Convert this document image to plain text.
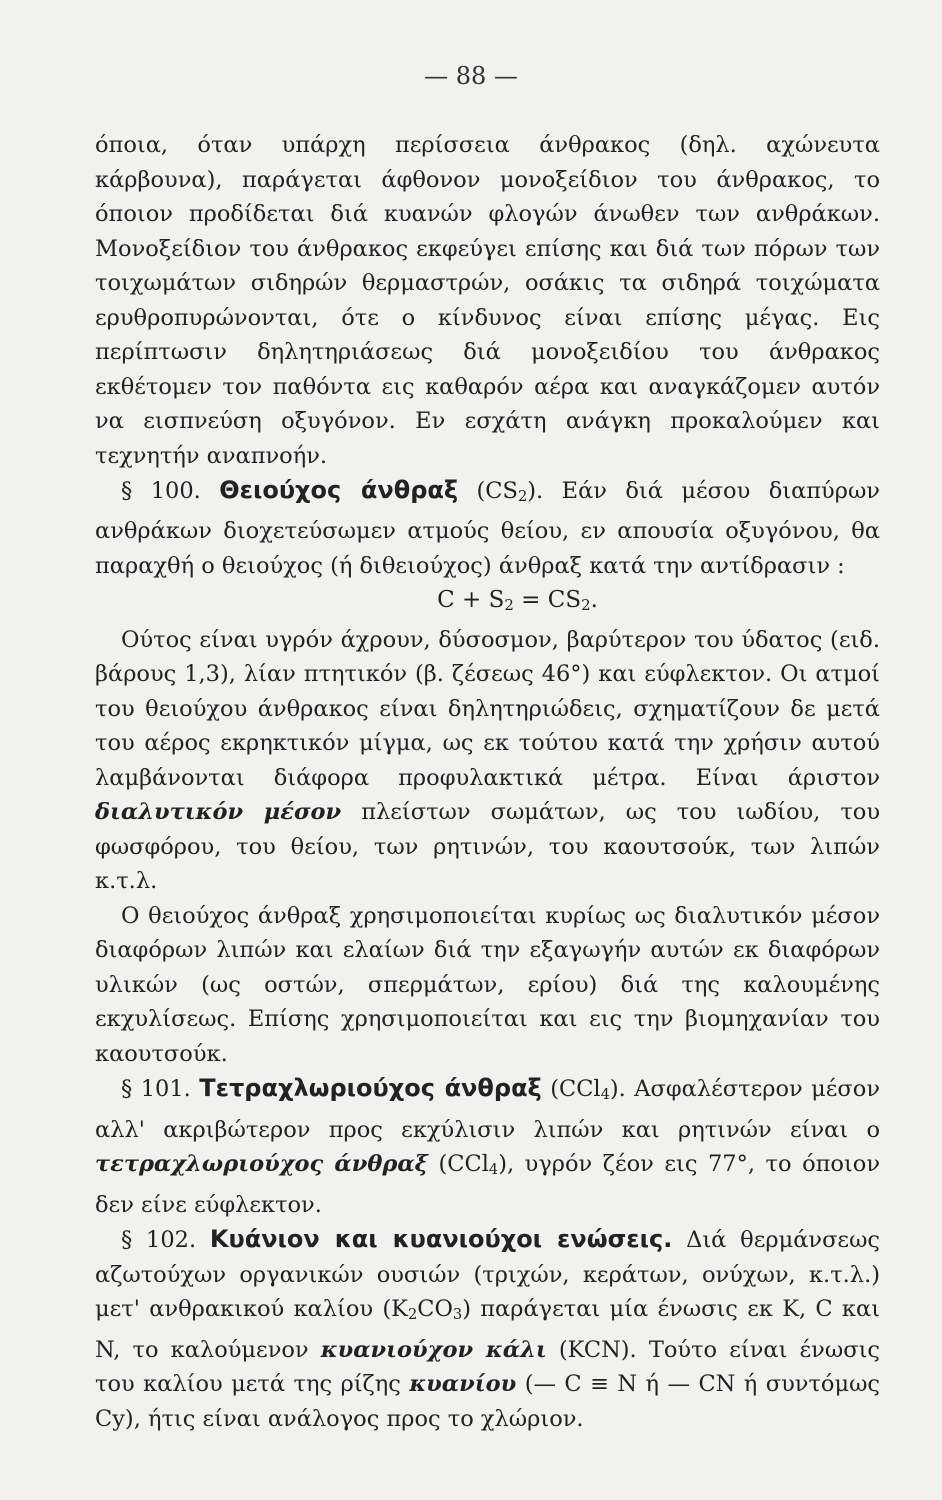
— 88 —

όποια, όταν υπάρχη περίσσεια άνθρακος (δηλ. αχώνευτα κάρβουνα), παράγεται άφθονον μονοξείδιον του άνθρακος, το όποιον προδίδεται διά κυανών φλογών άνωθεν των ανθράκων. Μονοξείδιον του άνθρακος εκφεύγει επίσης και διά των πόρων των τοιχωμάτων σιδηρών θερμαστρών, οσάκις τα σιδηρά τοιχώματα ερυθροπυρώνονται, ότε ο κίνδυνος είναι επίσης μέγας. Εις περίπτωσιν δηλητηριάσεως διά μονοξειδίου του άνθρακος εκθέτομεν τον παθόντα εις καθαρόν αέρα και αναγκάζομεν αυτόν να εισπνεύση οξυγόνον. Εν εσχάτη ανάγκη προκαλούμεν και τεχνητήν αναπνοήν.

§ 100. Θειούχος άνθραξ $(CS_2)$. Εάν διά μέσου διαπύρων ανθράκων διοχετεύσωμεν ατμούς θείου, εν απουσία οξυγόνου, θα παραχθή ο θειούχος (ή διθειούχος) άνθραξ κατά την αντίδρασιν :

$C + S_2 = CS_2$.

Ούτος είναι υγρόν άχρουν, δύσοσμον, βαρύτερον του ύδατος (ειδ. βάρους 1,3), λίαν πτητικόν (β. ζέσεως 46°) και εύφλεκτον. Οι ατμοί του θειούχου άνθρακος είναι δηλητηριώδεις, σχηματίζουν δε μετά του αέρος εκρηκτικόν μίγμα, ως εκ τούτου κατά την χρήσιν αυτού λαμβάνονται διάφορα προφυλακτικά μέτρα. Είναι άριστον διαλυτικόν μέσον πλείστων σωμάτων, ως του ιωδίου, του φωσφόρου, του θείου, των ρητινών, του καουτσούκ, των λιπών κ.τ.λ.

Ο θειούχος άνθραξ χρησιμοποιείται κυρίως ως διαλυτικόν μέσον διαφόρων λιπών και ελαίων διά την εξαγωγήν αυτών εκ διαφόρων υλικών (ως οστών, σπερμάτων, ερίου) διά της καλουμένης εκχυλίσεως. Επίσης χρησιμοποιείται και εις την βιομηχανίαν του καουτσούκ.

§ 101. Τετραχλωριούχος άνθραξ (CCl$_4$). Ασφαλέστερον μέσον αλλ' ακριβώτερον προς εκχύλισιν λιπών και ρητινών είναι ο τετραχλωριούχος άνθραξ (CCl$_4$), υγρόν ζέον εις 77°, το όποιον δεν είνε εύφλεκτον.

§ 102. Κυάνιον και κυανιούχοι ενώσεις. Διά θερμάνσεως αζωτούχων οργανικών ουσιών (τριχών, κεράτων, ονύχων, κ.τ.λ.) μετ' ανθρακικού καλίου $(K_2CO_3)$ παράγεται μία ένωσις εκ K, C και N, το καλούμενον κυανιούχον κάλι (KCN). Τούτο είναι ένωσις του καλίου μετά της ρίζης κυανίου (— C ≡ N ή — CN ή συντόμως Cy), ήτις είναι ανάλογος προς το χλώριον.
